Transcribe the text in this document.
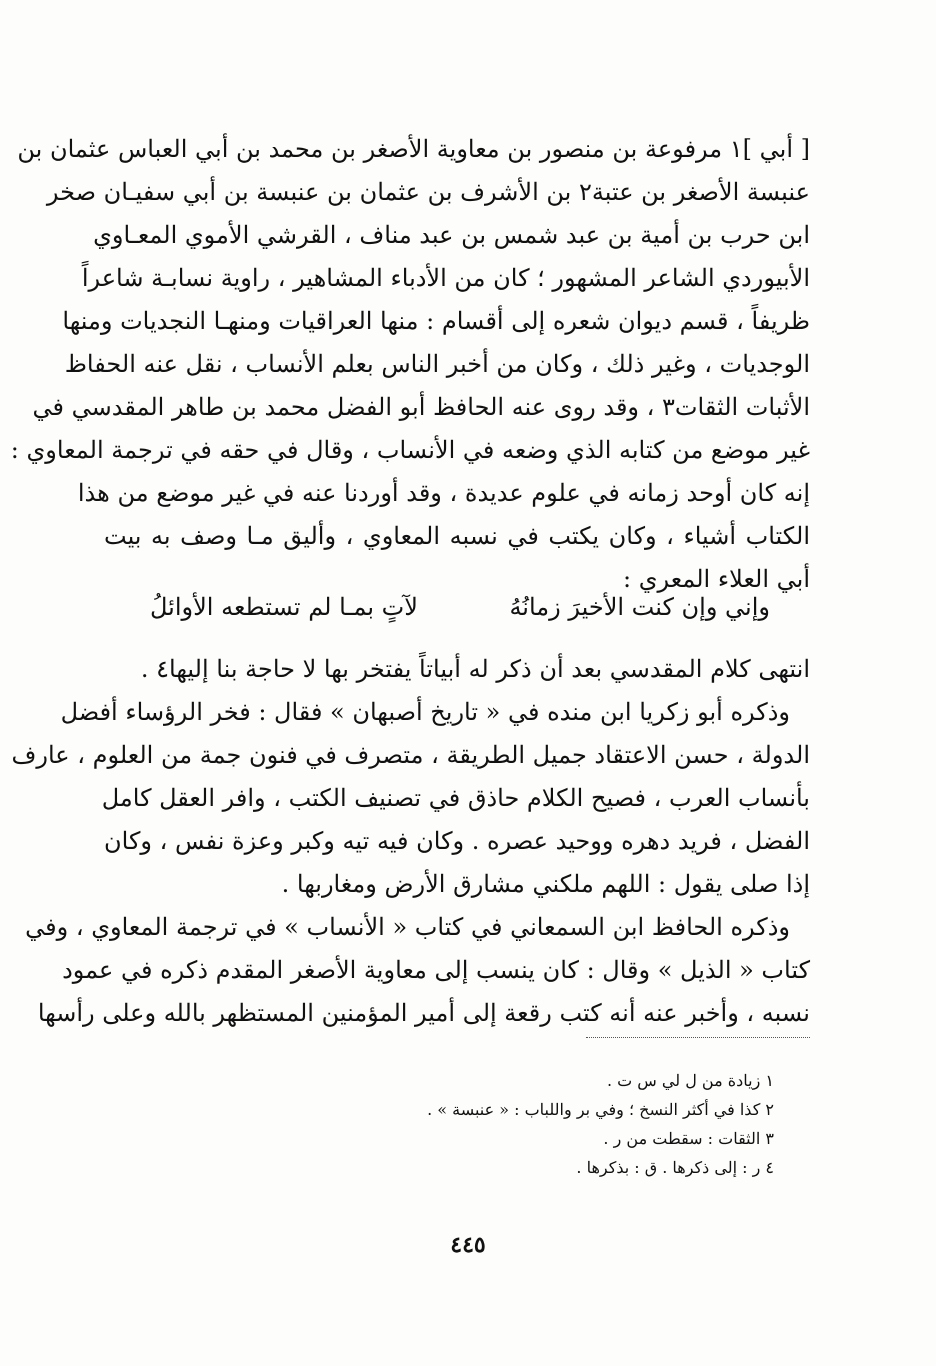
[ أبي ]١ مرفوعة بن منصور بن معاوية الأصغر بن محمد بن أبي العباس عثمان بن
عنبسة الأصغر بن عتبة٢ بن الأشرف بن عثمان بن عنبسة بن أبي سفيـان صخر
ابن حرب بن أمية بن عبد شمس بن عبد مناف ، القرشي الأموي المعـاوي
الأبيوردي الشاعر المشهور ؛ كان من الأدباء المشاهير ، راوية نسابـة شاعراً
ظريفاً ، قسم ديوان شعره إلى أقسام : منها العراقيات ومنهـا النجديات ومنها
الوجديات ، وغير ذلك ، وكان من أخبر الناس بعلم الأنساب ، نقل عنه الحفاظ
الأثبات الثقات٣ ، وقد روى عنه الحافظ أبو الفضل محمد بن طاهر المقدسي في
غير موضع من كتابه الذي وضعه في الأنساب ، وقال في حقه في ترجمة المعاوي :
إنه كان أوحد زمانه في علوم عديدة ، وقد أوردنا عنه في غير موضع من هذا
الكتاب أشياء ، وكان يكتب في نسبه المعاوي ، وأليق مـا وصف به بيت
أبي العلاء المعري :
وإني وإن كنت الأخيرَ زمانُهُ
لآتٍ بمـا لم تستطعه الأوائلُ
انتهى كلام المقدسي بعد أن ذكر له أبياتاً يفتخر بها لا حاجة بنا إليها٤ .
وذكره أبو زكريا ابن منده في « تاريخ أصبهان » فقال : فخر الرؤساء أفضل
الدولة ، حسن الاعتقاد جميل الطريقة ، متصرف في فنون جمة من العلوم ، عارف
بأنساب العرب ، فصيح الكلام حاذق في تصنيف الكتب ، وافر العقل كامل
الفضل ، فريد دهره ووحيد عصره . وكان فيه تيه وكبر وعزة نفس ، وكان
إذا صلى يقول : اللهم ملكني مشارق الأرض ومغاربها .
وذكره الحافظ ابن السمعاني في كتاب « الأنساب » في ترجمة المعاوي ، وفي
كتاب « الذيل » وقال : كان ينسب إلى معاوية الأصغر المقدم ذكره في عمود
نسبه ، وأخبر عنه أنه كتب رقعة إلى أمير المؤمنين المستظهر بالله وعلى رأسها
١ زيادة من ل لي س ت .
٢ كذا في أكثر النسخ ؛ وفي بر واللباب : « عنبسة » .
٣ الثقات : سقطت من ر .
٤ ر : إلى ذكرها . ق : بذكرها .
٤٤٥
